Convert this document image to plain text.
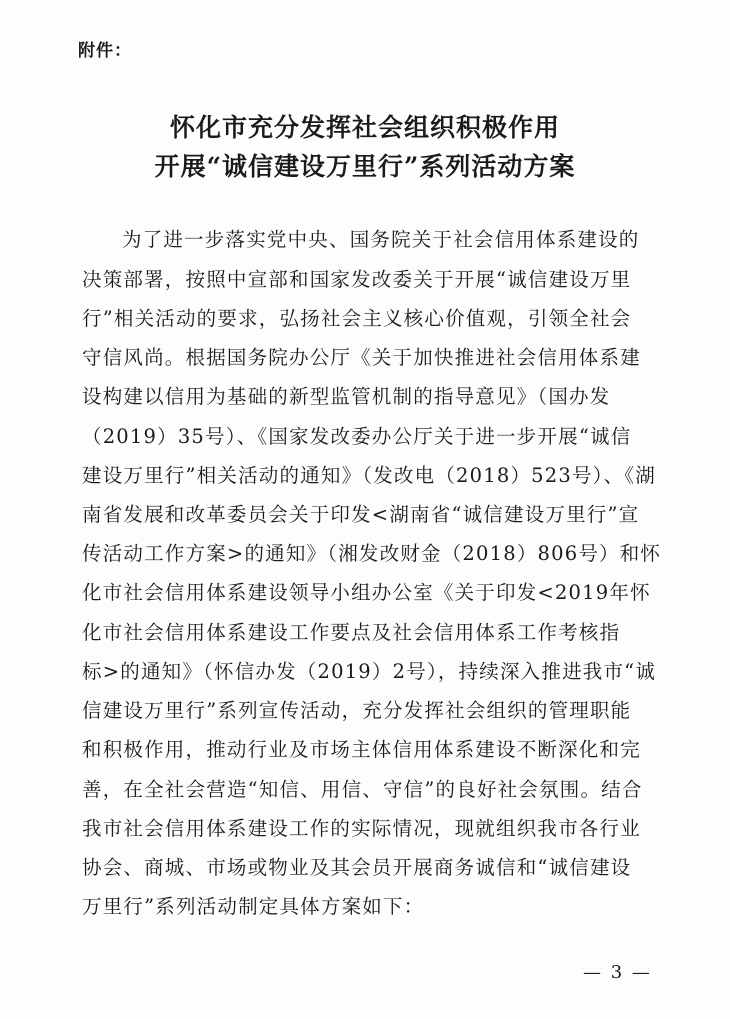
附件：
怀化市充分发挥社会组织积极作用
开展“诚信建设万里行”系列活动方案
为了进一步落实党中央、国务院关于社会信用体系建设的
决策部署，按照中宣部和国家发改委关于开展“诚信建设万里
行”相关活动的要求，弘扬社会主义核心价值观，引领全社会
守信风尚。根据国务院办公厅《关于加快推进社会信用体系建
设构建以信用为基础的新型监管机制的指导意见》（国办发
（2019）35号）、《国家发改委办公厅关于进一步开展“诚信
建设万里行”相关活动的通知》（发改电（2018）523号）、《湖
南省发展和改革委员会关于印发<湖南省“诚信建设万里行”宣
传活动工作方案>的通知》（湘发改财金（2018）806号）和怀
化市社会信用体系建设领导小组办公室《关于印发<2019年怀
化市社会信用体系建设工作要点及社会信用体系工作考核指
标>的通知》（怀信办发（2019）2号），持续深入推进我市“诚
信建设万里行”系列宣传活动，充分发挥社会组织的管理职能
和积极作用，推动行业及市场主体信用体系建设不断深化和完
善，在全社会营造“知信、用信、守信”的良好社会氛围。结合
我市社会信用体系建设工作的实际情况，现就组织我市各行业
协会、商城、市场或物业及其会员开展商务诚信和“诚信建设
万里行”系列活动制定具体方案如下：
— 3 —
